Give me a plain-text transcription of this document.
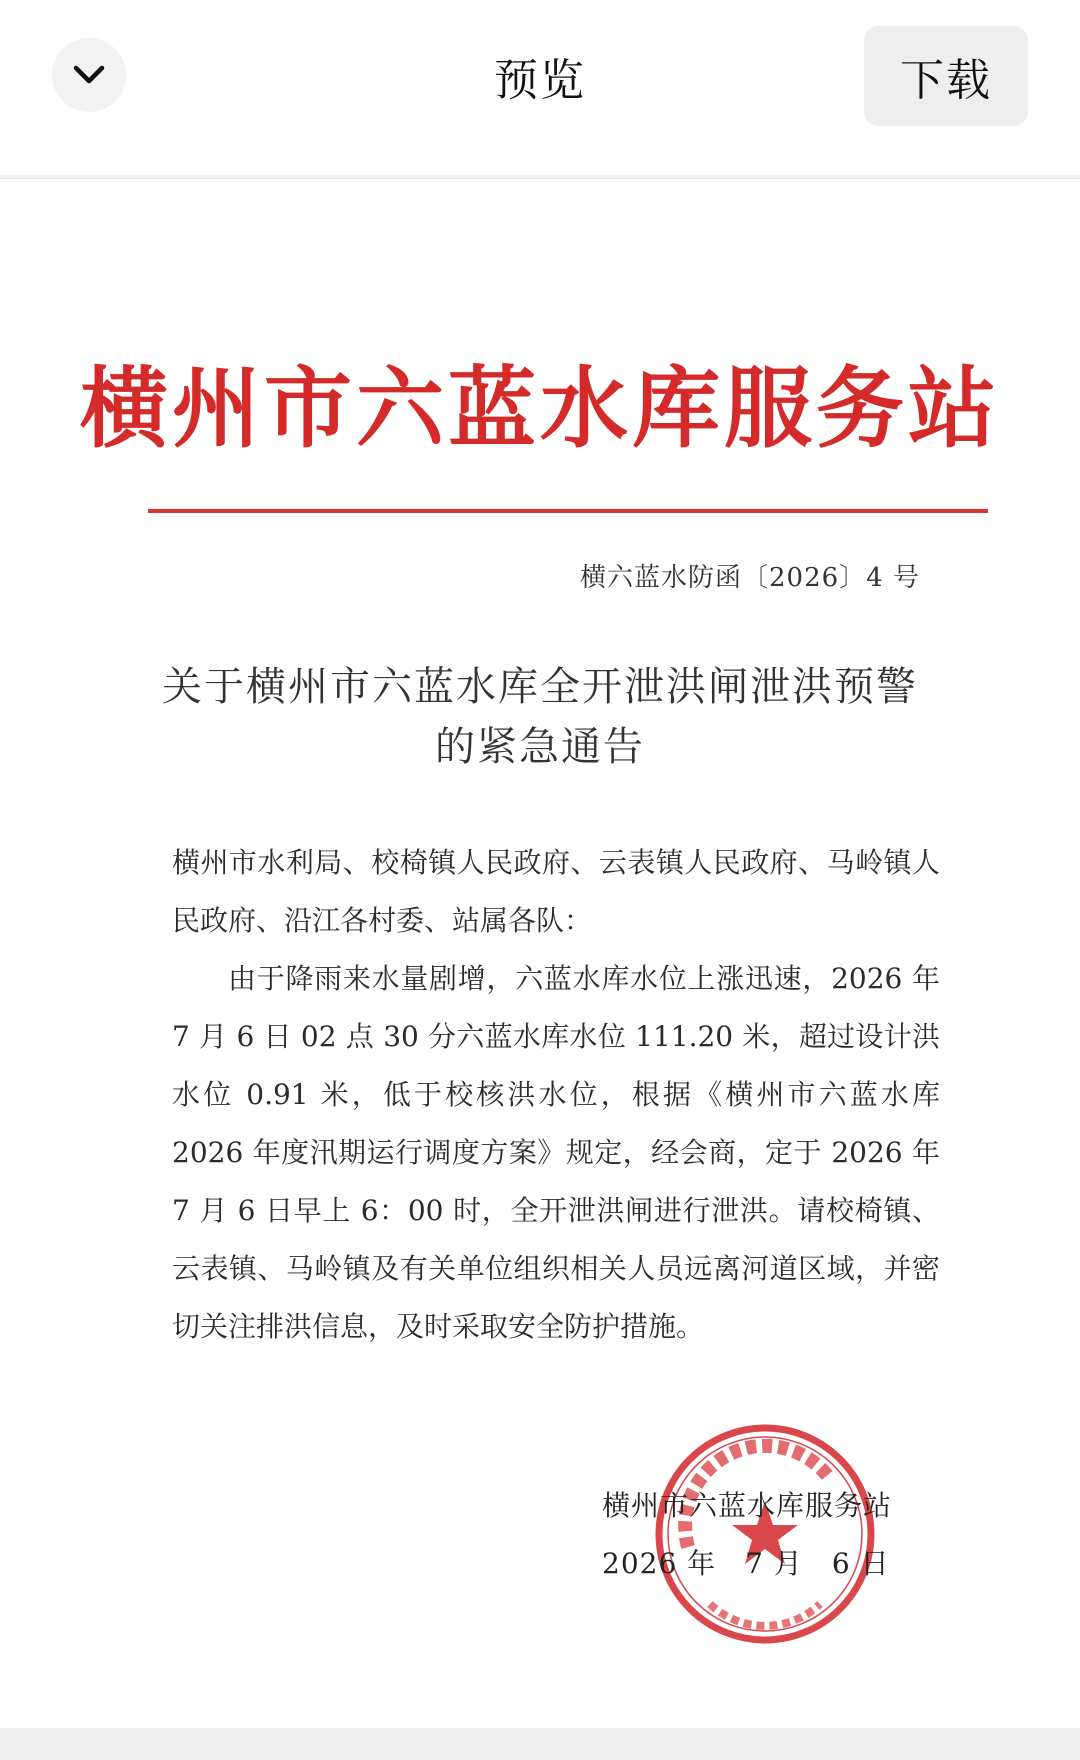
预览	下载
横州市六蓝水库服务站
横六蓝水防函〔2026〕4 号
关于横州市六蓝水库全开泄洪闸泄洪预警
的紧急通告

横州市水利局、校椅镇人民政府、云表镇人民政府、马岭镇人民政府、沿江各村委、站属各队：

由于降雨来水量剧增，六蓝水库水位上涨迅速，2026 年 7 月 6 日 02 点 30 分六蓝水库水位 111.20 米，超过设计洪水位 0.91 米，低于校核洪水位，根据《横州市六蓝水库 2026 年度汛期运行调度方案》规定，经会商，定于 2026 年 7 月 6 日早上 6：00 时，全开泄洪闸进行泄洪。请校椅镇、云表镇、马岭镇及有关单位组织相关人员远离河道区域，并密切关注排洪信息，及时采取安全防护措施。

横州市六蓝水库服务站
2026 年　7 月　6 日
